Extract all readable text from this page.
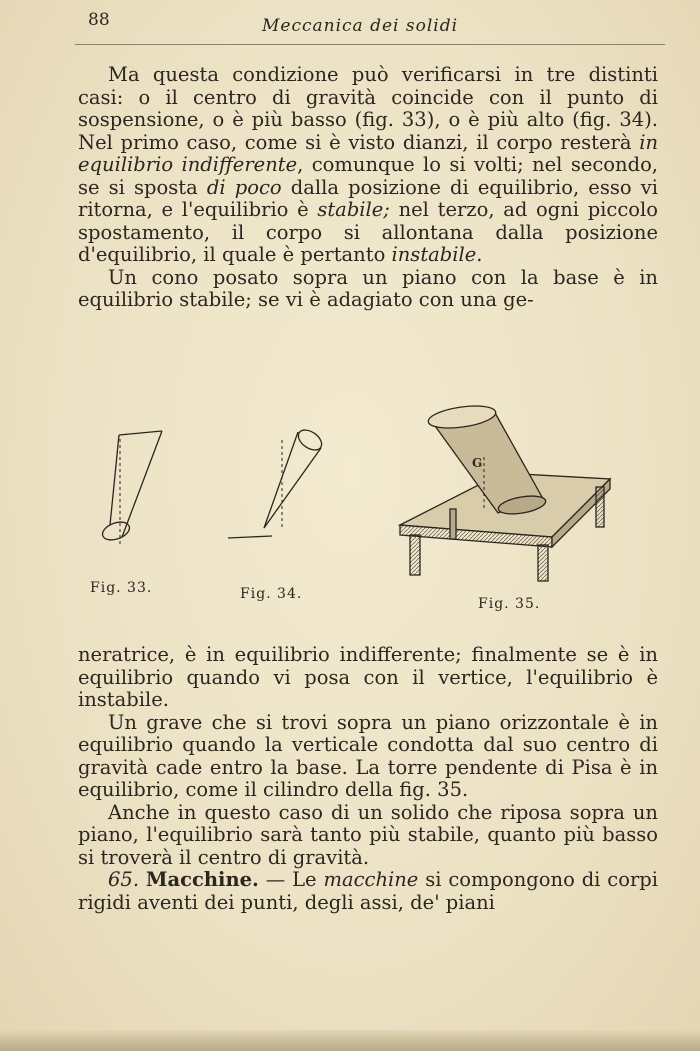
88	Meccanica dei solidi

Ma questa condizione può verificarsi in tre distinti casi: o il centro di gravità coincide con il punto di sospensione, o è più basso (fig. 33), o è più alto (fig. 34). Nel primo caso, come si è visto dianzi, il corpo resterà in equilibrio indifferente, comunque lo si volti; nel secondo, se si sposta di poco dalla posizione di equilibrio, esso vi ritorna, e l'equilibrio è stabile; nel terzo, ad ogni piccolo spostamento, il corpo si allontana dalla posizione d'equilibrio, il quale è pertanto instabile.

Un cono posato sopra un piano con la base è in equilibrio stabile; se vi è adagiato con una ge-

Fig. 33.	Fig. 34.
G
Fig. 35.

neratrice, è in equilibrio indifferente; finalmente se è in equilibrio quando vi posa con il vertice, l'equilibrio è instabile.

Un grave che si trovi sopra un piano orizzontale è in equilibrio quando la verticale condotta dal suo centro di gravità cade entro la base. La torre pendente di Pisa è in equilibrio, come il cilindro della fig. 35.

Anche in questo caso di un solido che riposa sopra un piano, l'equilibrio sarà tanto più stabile, quanto più basso si troverà il centro di gravità.

65. Macchine. — Le macchine si compongono di corpi rigidi aventi dei punti, degli assi, de' piani
